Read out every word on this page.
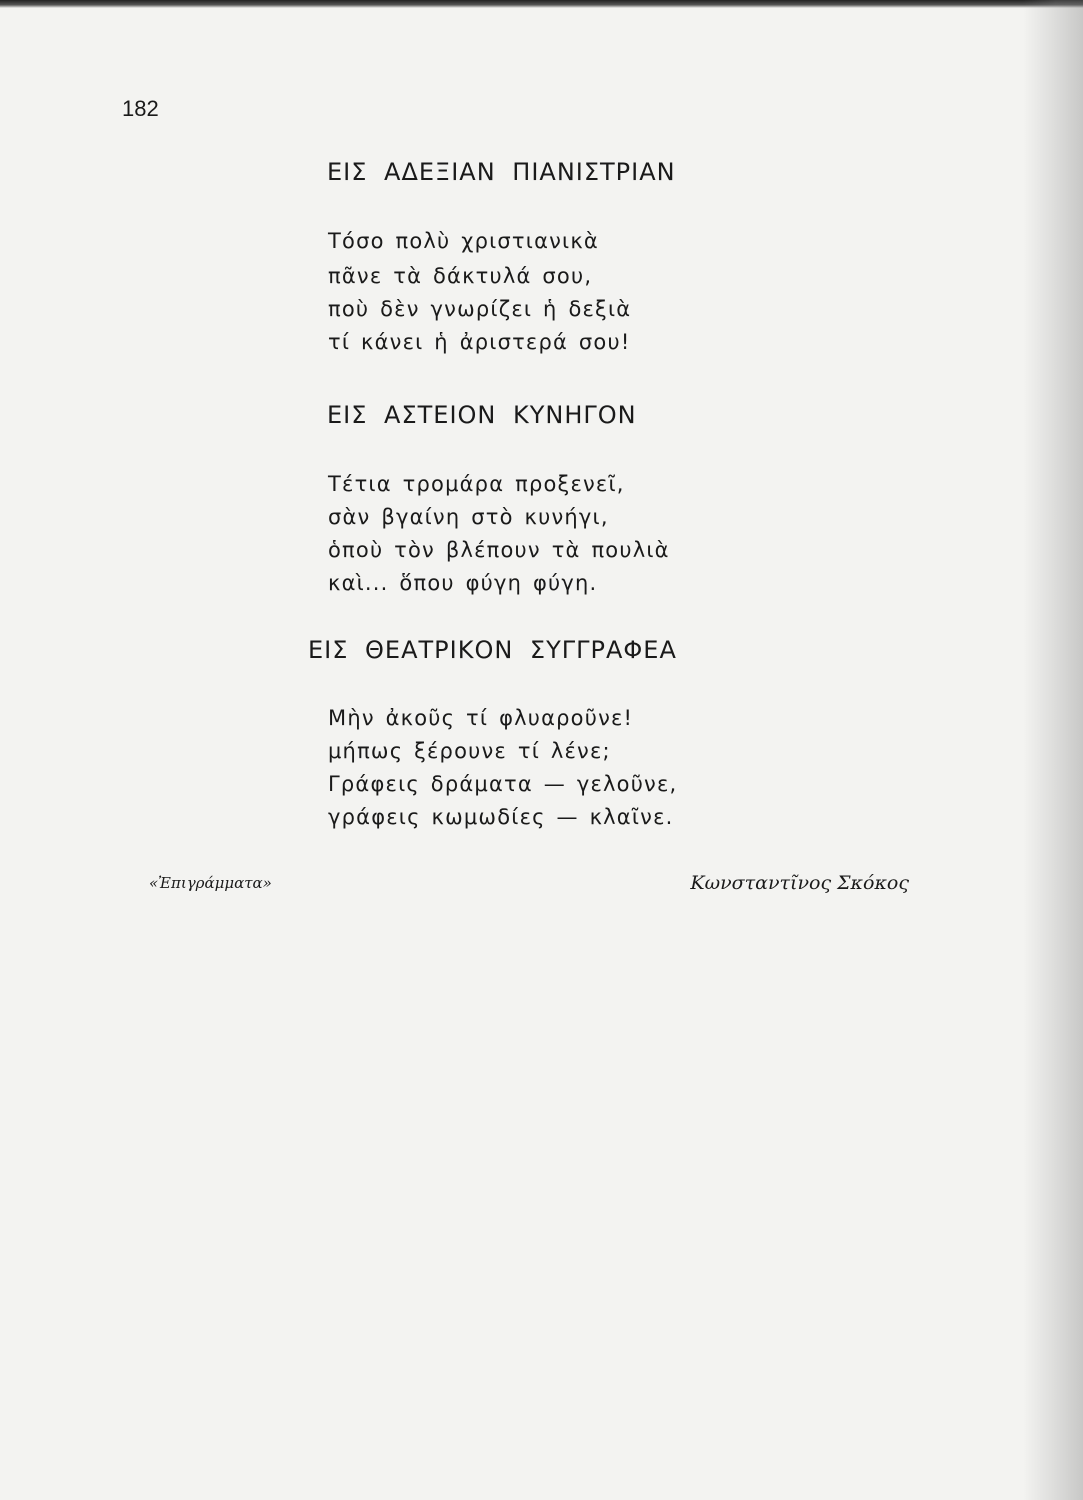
182
ΕΙΣ ΑΔΕΞΙΑΝ ΠΙΑΝΙΣΤΡΙΑΝ
Τόσο πολὺ χριστιανικὰ
πᾶνε τὰ δάκτυλά σου,
ποὺ δὲν γνωρίζει ἡ δεξιὰ
τί κάνει ἡ ἀριστερά σου!
ΕΙΣ ΑΣΤΕΙΟΝ ΚΥΝΗΓΟΝ
Τέτια τρομάρα προξενεῖ,
σὰν βγαίνη στὸ κυνήγι,
ὁπoὺ τὸν βλέπουν τὰ πουλιὰ
καὶ... ὅπου φύγη φύγη.
ΕΙΣ ΘΕΑΤΡΙΚΟΝ ΣΥΓΓΡΑΦΕΑ
Μὴν ἀκοῦς τί φλυαροῦνε!
μήπως ξέρουνε τί λένε;
Γράφεις δράματα — γελοῦνε,
γράφεις κωμωδίες — κλαῖνε.
«Ἐπιγράμματα»	Κωνσταντῖνος Σκόκος
